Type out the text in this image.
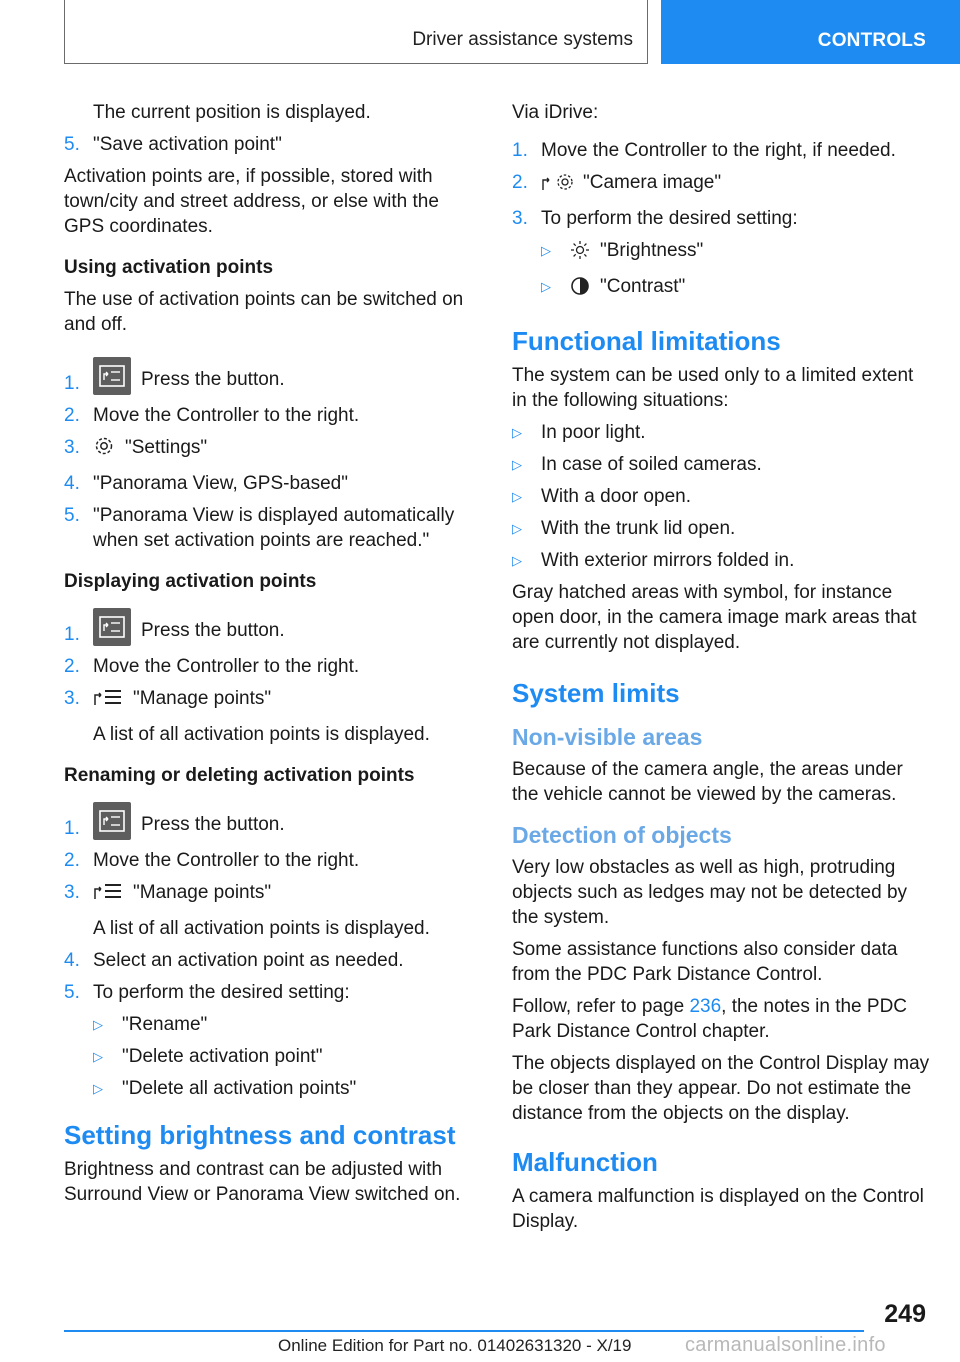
Driver assistance systems	CONTROLS

The current position is displayed.

5. "Save activation point"

Activation points are, if possible, stored with town/city and street address, or else with the GPS coordinates.

Using activation points

The use of activation points can be switched on and off.

1.	Press the button.
2. Move the Controller to the right.
3.	"Settings"
4. "Panorama View, GPS-based"
5. "Panorama View is displayed automatically when set activation points are reached."

Displaying activation points

1.	Press the button.
2. Move the Controller to the right.
3.	"Manage points"

A list of all activation points is displayed.

Renaming or deleting activation points

1.	Press the button.
2. Move the Controller to the right.
3.	"Manage points"

A list of all activation points is displayed.

4. Select an activation point as needed.
5. To perform the desired setting:
▷	"Rename"
▷	"Delete activation point"
▷	"Delete all activation points"

Setting brightness and contrast

Brightness and contrast can be adjusted with Surround View or Panorama View switched on.

Via iDrive:

1. Move the Controller to the right, if needed.
2.	"Camera image"
3. To perform the desired setting:
▷	"Brightness"
▷	"Contrast"

Functional limitations

The system can be used only to a limited extent in the following situations:

▷	In poor light.
▷	In case of soiled cameras.
▷	With a door open.
▷	With the trunk lid open.
▷	With exterior mirrors folded in.

Gray hatched areas with symbol, for instance open door, in the camera image mark areas that are currently not displayed.

System limits

Non-visible areas

Because of the camera angle, the areas under the vehicle cannot be viewed by the cameras.

Detection of objects

Very low obstacles as well as high, protruding objects such as ledges may not be detected by the system.

Some assistance functions also consider data from the PDC Park Distance Control.

Follow, refer to page 236, the notes in the PDC Park Distance Control chapter.

The objects displayed on the Control Display may be closer than they appear. Do not estimate the distance from the objects on the display.

Malfunction

A camera malfunction is displayed on the Control Display.

249
Online Edition for Part no. 01402631320 - X/19	carmanualsonline.info
